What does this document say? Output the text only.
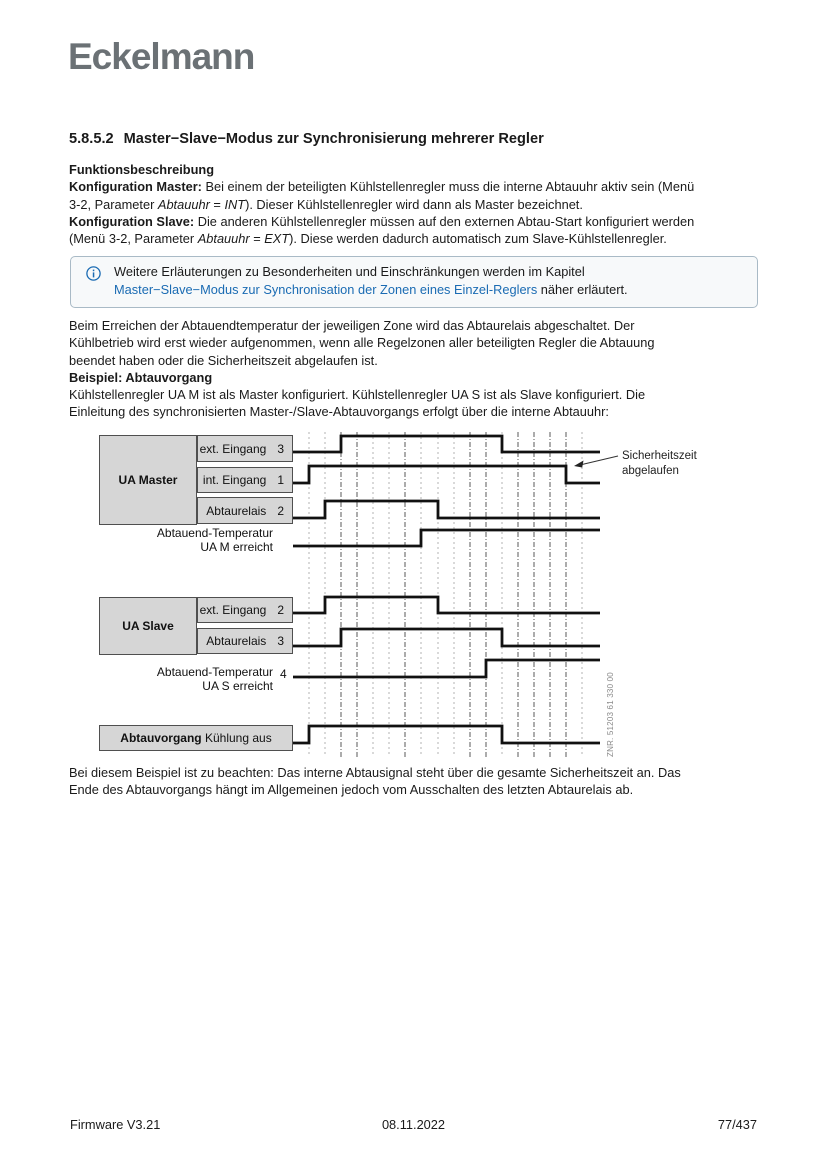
Eckelmann
5.8.5.2 Master−Slave−Modus zur Synchronisierung mehrerer Regler
Funktionsbeschreibung
Konfiguration Master: Bei einem der beteiligten Kühlstellenregler muss die interne Abtauuhr aktiv sein (Menü
3-2, Parameter Abtauuhr = INT). Dieser Kühlstellenregler wird dann als Master bezeichnet.
Konfiguration Slave: Die anderen Kühlstellenregler müssen auf den externen Abtau-Start konfiguriert werden
(Menü 3-2, Parameter Abtauuhr = EXT). Diese werden dadurch automatisch zum Slave-Kühlstellenregler.
Weitere Erläuterungen zu Besonderheiten und Einschränkungen werden im Kapitel
Master−Slave−Modus zur Synchronisation der Zonen eines Einzel-Reglers näher erläutert.
Beim Erreichen der Abtauendtemperatur der jeweiligen Zone wird das Abtaurelais abgeschaltet. Der
Kühlbetrieb wird erst wieder aufgenommen, wenn alle Regelzonen aller beteiligten Regler die Abtauung
beendet haben oder die Sicherheitszeit abgelaufen ist.
Beispiel: Abtauvorgang
Kühlstellenregler UA M ist als Master konfiguriert. Kühlstellenregler UA S ist als Slave konfiguriert. Die
Einleitung des synchronisierten Master-/Slave-Abtauvorgangs erfolgt über die interne Abtauuhr:
UA Master
ext. Eingang 3
int. Eingang 1
Abtaurelais 2
UA Slave
ext. Eingang 2
Abtaurelais 3
Abtauvorgang Kühlung aus
Abtauend-Temperatur
UA M erreicht
Abtauend-Temperatur
UA S erreicht
4
Sicherheitszeit
abgelaufen
ZNR. 51203 61 330 00
Bei diesem Beispiel ist zu beachten: Das interne Abtausignal steht über die gesamte Sicherheitszeit an. Das
Ende des Abtauvorgangs hängt im Allgemeinen jedoch vom Ausschalten des letzten Abtaurelais ab.
Firmware V3.21	08.11.2022	77/437
